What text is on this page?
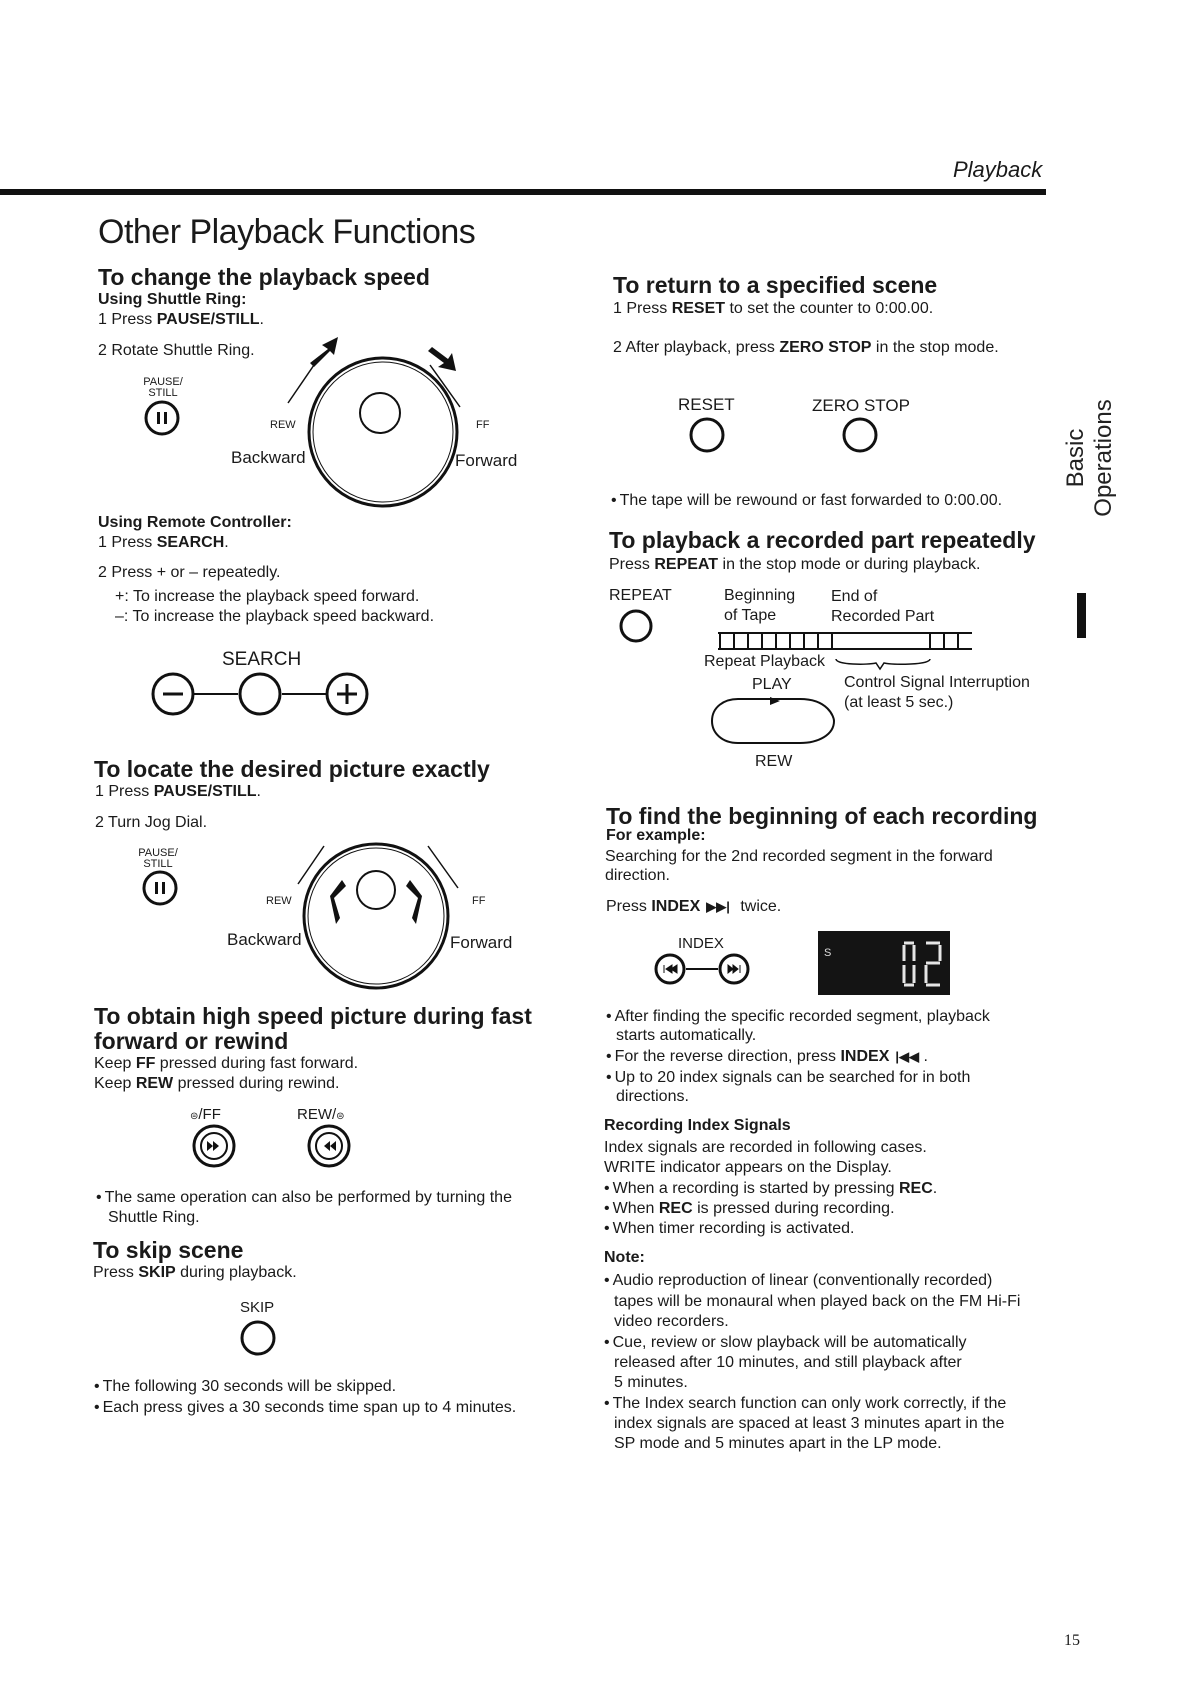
Playback
15
Basic Operations
Other Playback Functions
To change the playback speed
Using Shuttle Ring:
1 Press PAUSE/STILL.
2 Rotate Shuttle Ring.
PAUSE/
STILL
REW	FF
Backward	Forward
Using Remote Controller:
1 Press SEARCH.
2 Press + or – repeatedly.
+: To increase the playback speed forward.
–: To increase the playback speed backward.
SEARCH
To locate the desired picture exactly
1 Press PAUSE/STILL.
2 Turn Jog Dial.
PAUSE/
STILL
REW	FF
Backward	Forward
To obtain high speed picture during fast
forward or rewind
Keep FF pressed during fast forward.
Keep REW pressed during rewind.
⊜/FF	REW/⊜
• The same operation can also be performed by turning the
Shuttle Ring.
To skip scene
Press SKIP during playback.
SKIP
• The following 30 seconds will be skipped.
• Each press gives a 30 seconds time span up to 4 minutes.
To return to a specified scene
1 Press RESET to set the counter to 0:00.00.
2 After playback, press ZERO STOP in the stop mode.
RESET	ZERO STOP
• The tape will be rewound or fast forwarded to 0:00.00.
To playback a recorded part repeatedly
Press REPEAT in the stop mode or during playback.
REPEAT	Beginning
of Tape
End of
Recorded Part
Repeat Playback
PLAY	Control Signal Interruption
(at least 5 sec.)
REW
To find the beginning of each recording
For example:
Searching for the 2nd recorded segment in the forward
direction.
Press INDEX ▶▶| twice.
INDEX
S
• After finding the specific recorded segment, playback
starts automatically.
• For the reverse direction, press INDEX |◀◀ .
• Up to 20 index signals can be searched for in both
directions.
Recording Index Signals
Index signals are recorded in following cases.
WRITE indicator appears on the Display.
• When a recording is started by pressing REC.
• When REC is pressed during recording.
• When timer recording is activated.
Note:
• Audio reproduction of linear (conventionally recorded)
tapes will be monaural when played back on the FM Hi-Fi
video recorders.
• Cue, review or slow playback will be automatically
released after 10 minutes, and still playback after
5 minutes.
• The Index search function can only work correctly, if the
index signals are spaced at least 3 minutes apart in the
SP mode and 5 minutes apart in the LP mode.
